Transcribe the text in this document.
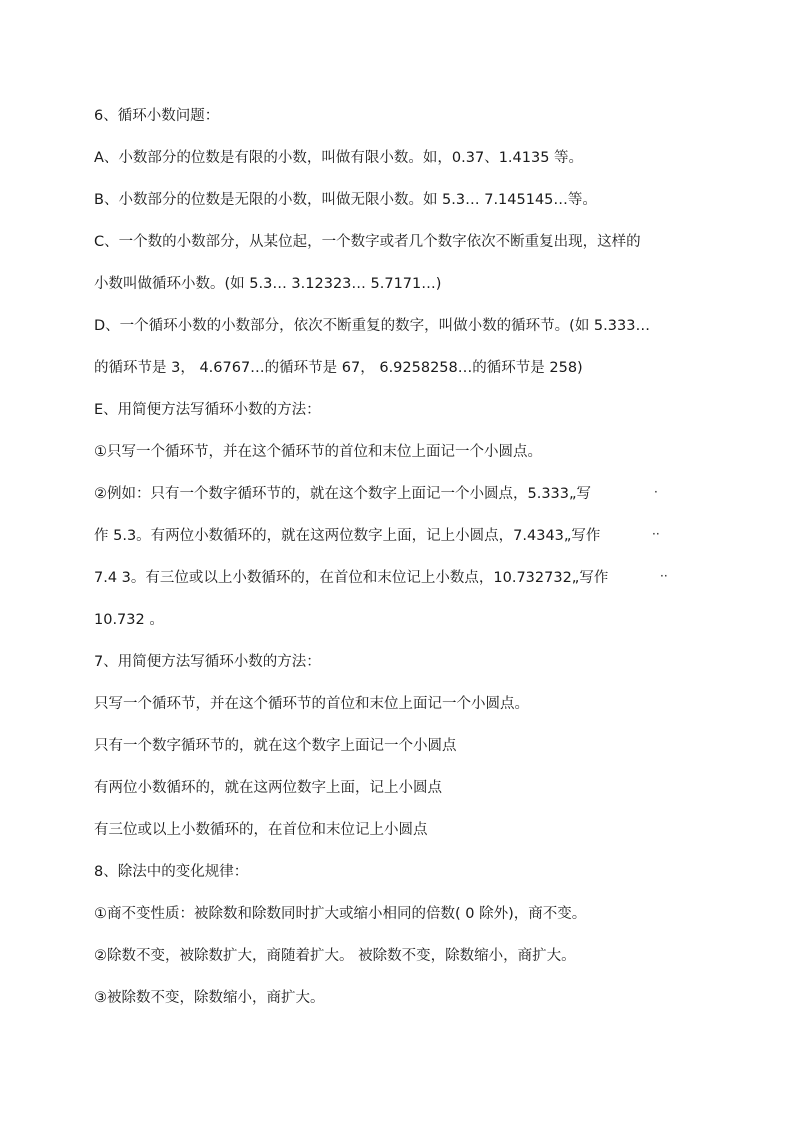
6、循环小数问题：
A、小数部分的位数是有限的小数，叫做有限小数。如，0.37、1.4135 等。
B、小数部分的位数是无限的小数，叫做无限小数。如 5.3… 7.145145…等。
C、一个数的小数部分，从某位起，一个数字或者几个数字依次不断重复出现，这样的
小数叫做循环小数。(如 5.3… 3.12323… 5.7171…)
D、一个循环小数的小数部分，依次不断重复的数字，叫做小数的循环节。(如 5.333…
的循环节是 3， 4.6767…的循环节是 67， 6.9258258…的循环节是 258)
E、用简便方法写循环小数的方法：
①只写一个循环节，并在这个循环节的首位和末位上面记一个小圆点。
②例如：只有一个数字循环节的，就在这个数字上面记一个小圆点，5.333„写	·
作 5.3。有两位小数循环的，就在这两位数字上面，记上小圆点，7.4343„写作	··
7.4 3。有三位或以上小数循环的，在首位和末位记上小数点，10.732732„写作	··
10.732 。
7、用简便方法写循环小数的方法：
只写一个循环节，并在这个循环节的首位和末位上面记一个小圆点。
只有一个数字循环节的，就在这个数字上面记一个小圆点
有两位小数循环的，就在这两位数字上面，记上小圆点
有三位或以上小数循环的，在首位和末位记上小圆点
8、除法中的变化规律：
①商不变性质：被除数和除数同时扩大或缩小相同的倍数( 0 除外)，商不变。
②除数不变，被除数扩大，商随着扩大。 被除数不变，除数缩小，商扩大。
③被除数不变，除数缩小，商扩大。
